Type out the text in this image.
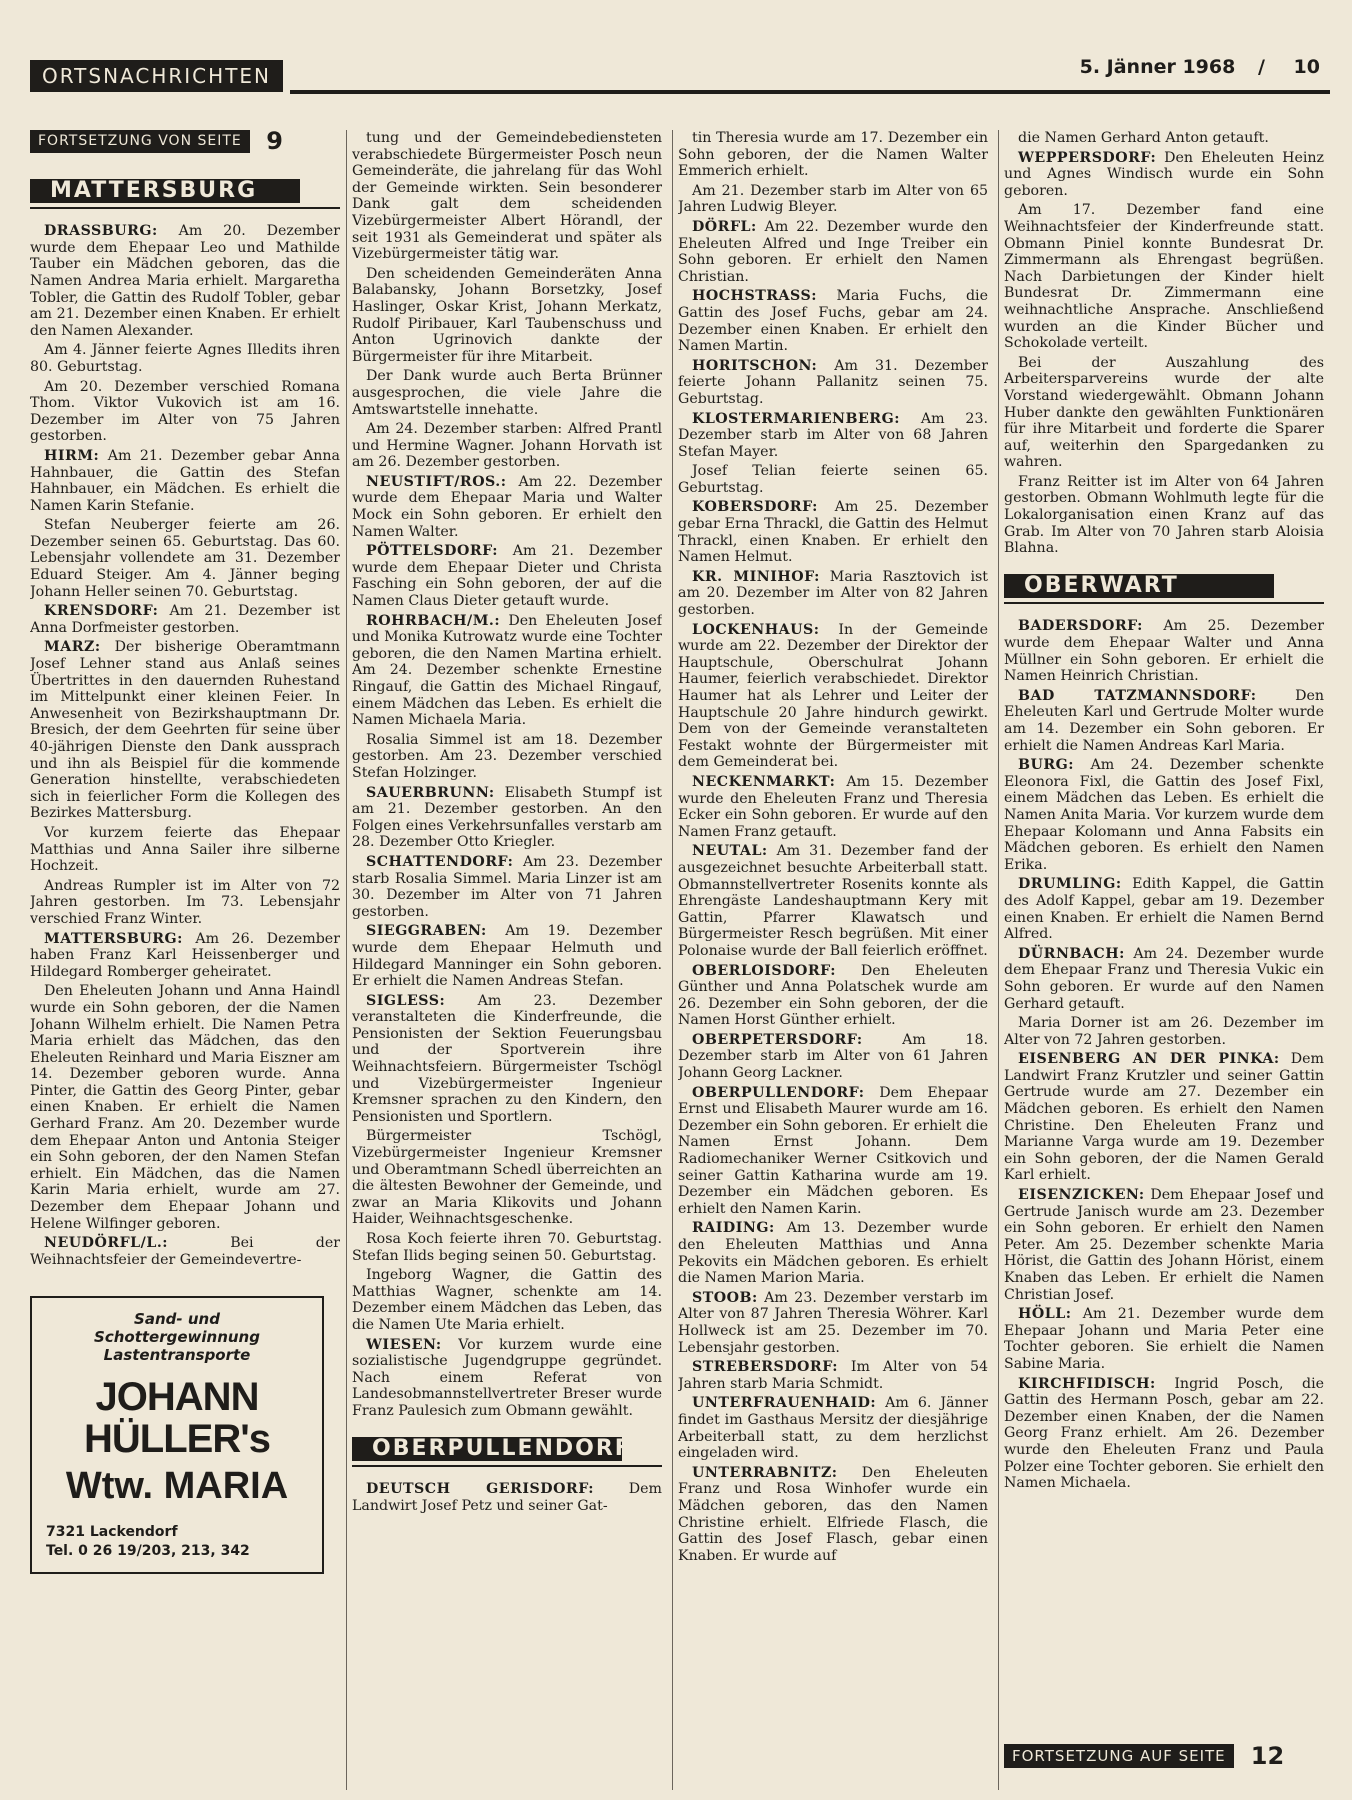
ORTSNACHRICHTEN	5. Jänner 1968 / 10
FORTSETZUNG VON SEITE 9
MATTERSBURG

DRASSBURG: Am 20. Dezember wurde dem Ehepaar Leo und Mathilde Tauber ein Mädchen geboren, das die Namen Andrea Maria erhielt. Margaretha Tobler, die Gattin des Rudolf Tobler, gebar am 21. Dezember einen Knaben. Er erhielt den Namen Alexander.

Am 4. Jänner feierte Agnes Illedits ihren 80. Geburtstag.

Am 20. Dezember verschied Romana Thom. Viktor Vukovich ist am 16. Dezember im Alter von 75 Jahren gestorben.

HIRM: Am 21. Dezember gebar Anna Hahnbauer, die Gattin des Stefan Hahnbauer, ein Mädchen. Es erhielt die Namen Karin Stefanie.

Stefan Neuberger feierte am 26. Dezember seinen 65. Geburtstag. Das 60. Lebensjahr vollendete am 31. Dezember Eduard Steiger. Am 4. Jänner beging Johann Heller seinen 70. Geburtstag.

KRENSDORF: Am 21. Dezember ist Anna Dorfmeister gestorben.

MARZ: Der bisherige Oberamtmann Josef Lehner stand aus Anlaß seines Übertrittes in den dauernden Ruhestand im Mittelpunkt einer kleinen Feier. In Anwesenheit von Bezirkshauptmann Dr. Bresich, der dem Geehrten für seine über 40-jährigen Dienste den Dank aussprach und ihn als Beispiel für die kommende Generation hinstellte, verabschiedeten sich in feierlicher Form die Kollegen des Bezirkes Mattersburg.

Vor kurzem feierte das Ehepaar Matthias und Anna Sailer ihre silberne Hochzeit.

Andreas Rumpler ist im Alter von 72 Jahren gestorben. Im 73. Lebensjahr verschied Franz Winter.

MATTERSBURG: Am 26. Dezember haben Franz Karl Heissenberger und Hildegard Romberger geheiratet.

Den Eheleuten Johann und Anna Haindl wurde ein Sohn geboren, der die Namen Johann Wilhelm erhielt. Die Namen Petra Maria erhielt das Mädchen, das den Eheleuten Reinhard und Maria Eiszner am 14. Dezember geboren wurde. Anna Pinter, die Gattin des Georg Pinter, gebar einen Knaben. Er erhielt die Namen Gerhard Franz. Am 20. Dezember wurde dem Ehepaar Anton und Antonia Steiger ein Sohn geboren, der den Namen Stefan erhielt. Ein Mädchen, das die Namen Karin Maria erhielt, wurde am 27. Dezember dem Ehepaar Johann und Helene Wilfinger geboren.

NEUDÖRFL/L.: Bei der Weihnachtsfeier der Gemeindevertre-

Sand- und
Schottergewinnung
Lastentransporte
JOHANN HÜLLER's
Wtw. MARIA
7321 Lackendorf
Tel. 0 26 19/203, 213, 342

tung und der Gemeindebediensteten verabschiedete Bürgermeister Posch neun Gemeinderäte, die jahrelang für das Wohl der Gemeinde wirkten. Sein besonderer Dank galt dem scheidenden Vizebürgermeister Albert Hörandl, der seit 1931 als Gemeinderat und später als Vizebürgermeister tätig war.

Den scheidenden Gemeinderäten Anna Balabansky, Johann Borsetzky, Josef Haslinger, Oskar Krist, Johann Merkatz, Rudolf Piribauer, Karl Taubenschuss und Anton Ugrinovich dankte der Bürgermeister für ihre Mitarbeit.

Der Dank wurde auch Berta Brünner ausgesprochen, die viele Jahre die Amtswartstelle innehatte.

Am 24. Dezember starben: Alfred Prantl und Hermine Wagner. Johann Horvath ist am 26. Dezember gestorben.

NEUSTIFT/ROS.: Am 22. Dezember wurde dem Ehepaar Maria und Walter Mock ein Sohn geboren. Er erhielt den Namen Walter.

PÖTTELSDORF: Am 21. Dezember wurde dem Ehepaar Dieter und Christa Fasching ein Sohn geboren, der auf die Namen Claus Dieter getauft wurde.

ROHRBACH/M.: Den Eheleuten Josef und Monika Kutrowatz wurde eine Tochter geboren, die den Namen Martina erhielt. Am 24. Dezember schenkte Ernestine Ringauf, die Gattin des Michael Ringauf, einem Mädchen das Leben. Es erhielt die Namen Michaela Maria.

Rosalia Simmel ist am 18. Dezember gestorben. Am 23. Dezember verschied Stefan Holzinger.

SAUERBRUNN: Elisabeth Stumpf ist am 21. Dezember gestorben. An den Folgen eines Verkehrsunfalles verstarb am 28. Dezember Otto Kriegler.

SCHATTENDORF: Am 23. Dezember starb Rosalia Simmel. Maria Linzer ist am 30. Dezember im Alter von 71 Jahren gestorben.

SIEGGRABEN: Am 19. Dezember wurde dem Ehepaar Helmuth und Hildegard Manninger ein Sohn geboren. Er erhielt die Namen Andreas Stefan.

SIGLESS: Am 23. Dezember veranstalteten die Kinderfreunde, die Pensionisten der Sektion Feuerungsbau und der Sportverein ihre Weihnachtsfeiern. Bürgermeister Tschögl und Vizebürgermeister Ingenieur Kremsner sprachen zu den Kindern, den Pensionisten und Sportlern.

Bürgermeister Tschögl, Vizebürgermeister Ingenieur Kremsner und Oberamtmann Schedl überreichten an die ältesten Bewohner der Gemeinde, und zwar an Maria Klikovits und Johann Haider, Weihnachtsgeschenke.

Rosa Koch feierte ihren 70. Geburtstag. Stefan Ilids beging seinen 50. Geburtstag.

Ingeborg Wagner, die Gattin des Matthias Wagner, schenkte am 14. Dezember einem Mädchen das Leben, das die Namen Ute Maria erhielt.

WIESEN: Vor kurzem wurde eine sozialistische Jugendgruppe gegründet. Nach einem Referat von Landesobmannstellvertreter Breser wurde Franz Paulesich zum Obmann gewählt.

OBERPULLENDORF

DEUTSCH GERISDORF: Dem Landwirt Josef Petz und seiner Gat-

tin Theresia wurde am 17. Dezember ein Sohn geboren, der die Namen Walter Emmerich erhielt.

Am 21. Dezember starb im Alter von 65 Jahren Ludwig Bleyer.

DÖRFL: Am 22. Dezember wurde den Eheleuten Alfred und Inge Treiber ein Sohn geboren. Er erhielt den Namen Christian.

HOCHSTRASS: Maria Fuchs, die Gattin des Josef Fuchs, gebar am 24. Dezember einen Knaben. Er erhielt den Namen Martin.

HORITSCHON: Am 31. Dezember feierte Johann Pallanitz seinen 75. Geburtstag.

KLOSTERMARIENBERG: Am 23. Dezember starb im Alter von 68 Jahren Stefan Mayer.

Josef Telian feierte seinen 65. Geburtstag.

KOBERSDORF: Am 25. Dezember gebar Erna Thrackl, die Gattin des Helmut Thrackl, einen Knaben. Er erhielt den Namen Helmut.

KR. MINIHOF: Maria Rasztovich ist am 20. Dezember im Alter von 82 Jahren gestorben.

LOCKENHAUS: In der Gemeinde wurde am 22. Dezember der Direktor der Hauptschule, Oberschulrat Johann Haumer, feierlich verabschiedet. Direktor Haumer hat als Lehrer und Leiter der Hauptschule 20 Jahre hindurch gewirkt. Dem von der Gemeinde veranstalteten Festakt wohnte der Bürgermeister mit dem Gemeinderat bei.

NECKENMARKT: Am 15. Dezember wurde den Eheleuten Franz und Theresia Ecker ein Sohn geboren. Er wurde auf den Namen Franz getauft.

NEUTAL: Am 31. Dezember fand der ausgezeichnet besuchte Arbeiterball statt. Obmannstellvertreter Rosenits konnte als Ehrengäste Landeshauptmann Kery mit Gattin, Pfarrer Klawatsch und Bürgermeister Resch begrüßen. Mit einer Polonaise wurde der Ball feierlich eröffnet.

OBERLOISDORF: Den Eheleuten Günther und Anna Polatschek wurde am 26. Dezember ein Sohn geboren, der die Namen Horst Günther erhielt.

OBERPETERSDORF: Am 18. Dezember starb im Alter von 61 Jahren Johann Georg Lackner.

OBERPULLENDORF: Dem Ehepaar Ernst und Elisabeth Maurer wurde am 16. Dezember ein Sohn geboren. Er erhielt die Namen Ernst Johann. Dem Radiomechaniker Werner Csitkovich und seiner Gattin Katharina wurde am 19. Dezember ein Mädchen geboren. Es erhielt den Namen Karin.

RAIDING: Am 13. Dezember wurde den Eheleuten Matthias und Anna Pekovits ein Mädchen geboren. Es erhielt die Namen Marion Maria.

STOOB: Am 23. Dezember verstarb im Alter von 87 Jahren Theresia Wöhrer. Karl Hollweck ist am 25. Dezember im 70. Lebensjahr gestorben.

STREBERSDORF: Im Alter von 54 Jahren starb Maria Schmidt.

UNTERFRAUENHAID: Am 6. Jänner findet im Gasthaus Mersitz der diesjährige Arbeiterball statt, zu dem herzlichst eingeladen wird.

UNTERRABNITZ: Den Eheleuten Franz und Rosa Winhofer wurde ein Mädchen geboren, das den Namen Christine erhielt. Elfriede Flasch, die Gattin des Josef Flasch, gebar einen Knaben. Er wurde auf

die Namen Gerhard Anton getauft.

WEPPERSDORF: Den Eheleuten Heinz und Agnes Windisch wurde ein Sohn geboren.

Am 17. Dezember fand eine Weihnachtsfeier der Kinderfreunde statt. Obmann Piniel konnte Bundesrat Dr. Zimmermann als Ehrengast begrüßen. Nach Darbietungen der Kinder hielt Bundesrat Dr. Zimmermann eine weihnachtliche Ansprache. Anschließend wurden an die Kinder Bücher und Schokolade verteilt.

Bei der Auszahlung des Arbeitersparvereins wurde der alte Vorstand wiedergewählt. Obmann Johann Huber dankte den gewählten Funktionären für ihre Mitarbeit und forderte die Sparer auf, weiterhin den Spargedanken zu wahren.

Franz Reitter ist im Alter von 64 Jahren gestorben. Obmann Wohlmuth legte für die Lokalorganisation einen Kranz auf das Grab. Im Alter von 70 Jahren starb Aloisia Blahna.

OBERWART

BADERSDORF: Am 25. Dezember wurde dem Ehepaar Walter und Anna Müllner ein Sohn geboren. Er erhielt die Namen Heinrich Christian.

BAD TATZMANNSDORF: Den Eheleuten Karl und Gertrude Molter wurde am 14. Dezember ein Sohn geboren. Er erhielt die Namen Andreas Karl Maria.

BURG: Am 24. Dezember schenkte Eleonora Fixl, die Gattin des Josef Fixl, einem Mädchen das Leben. Es erhielt die Namen Anita Maria. Vor kurzem wurde dem Ehepaar Kolomann und Anna Fabsits ein Mädchen geboren. Es erhielt den Namen Erika.

DRUMLING: Edith Kappel, die Gattin des Adolf Kappel, gebar am 19. Dezember einen Knaben. Er erhielt die Namen Bernd Alfred.

DÜRNBACH: Am 24. Dezember wurde dem Ehepaar Franz und Theresia Vukic ein Sohn geboren. Er wurde auf den Namen Gerhard getauft.

Maria Dorner ist am 26. Dezember im Alter von 72 Jahren gestorben.

EISENBERG AN DER PINKA: Dem Landwirt Franz Krutzler und seiner Gattin Gertrude wurde am 27. Dezember ein Mädchen geboren. Es erhielt den Namen Christine. Den Eheleuten Franz und Marianne Varga wurde am 19. Dezember ein Sohn geboren, der die Namen Gerald Karl erhielt.

EISENZICKEN: Dem Ehepaar Josef und Gertrude Janisch wurde am 23. Dezember ein Sohn geboren. Er erhielt den Namen Peter. Am 25. Dezember schenkte Maria Hörist, die Gattin des Johann Hörist, einem Knaben das Leben. Er erhielt die Namen Christian Josef.

HÖLL: Am 21. Dezember wurde dem Ehepaar Johann und Maria Peter eine Tochter geboren. Sie erhielt die Namen Sabine Maria.

KIRCHFIDISCH: Ingrid Posch, die Gattin des Hermann Posch, gebar am 22. Dezember einen Knaben, der die Namen Georg Franz erhielt. Am 26. Dezember wurde den Eheleuten Franz und Paula Polzer eine Tochter geboren. Sie erhielt den Namen Michaela.

FORTSETZUNG AUF SEITE 12
